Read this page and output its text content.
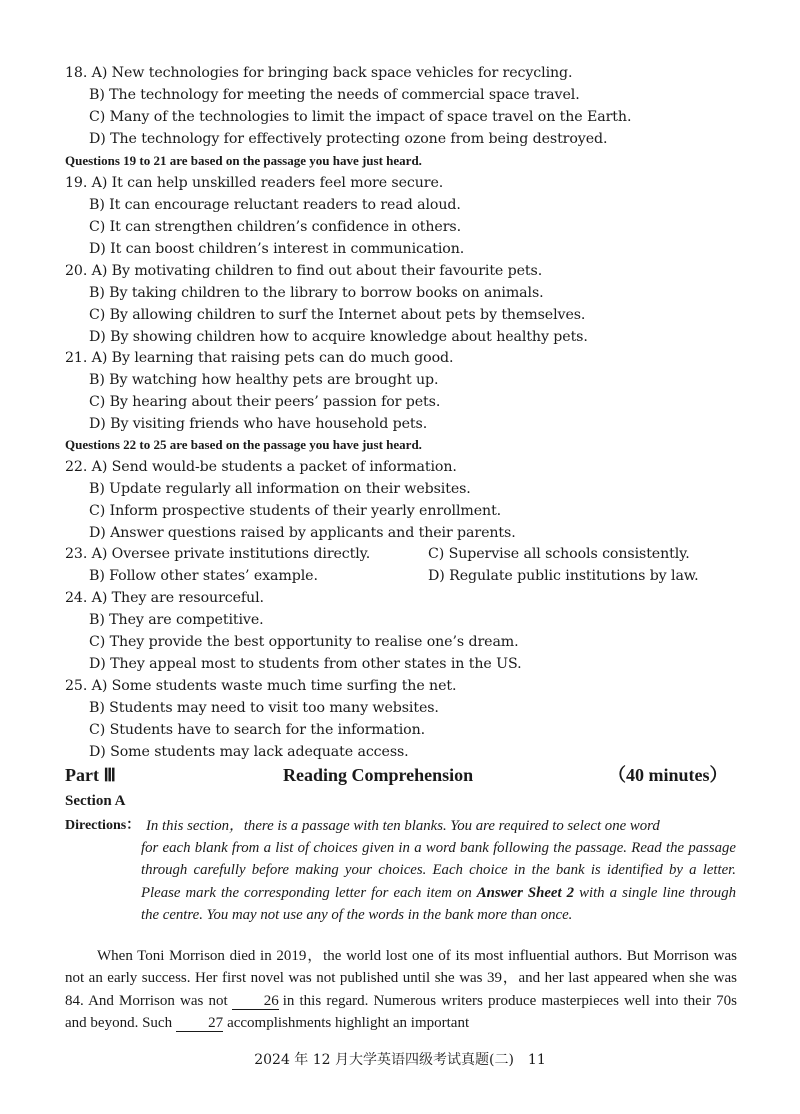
18. A) New technologies for bringing back space vehicles for recycling.
B) The technology for meeting the needs of commercial space travel.
C) Many of the technologies to limit the impact of space travel on the Earth.
D) The technology for effectively protecting ozone from being destroyed.
Questions 19 to 21 are based on the passage you have just heard.
19. A) It can help unskilled readers feel more secure.
B) It can encourage reluctant readers to read aloud.
C) It can strengthen children’s confidence in others.
D) It can boost children’s interest in communication.
20. A) By motivating children to find out about their favourite pets.
B) By taking children to the library to borrow books on animals.
C) By allowing children to surf the Internet about pets by themselves.
D) By showing children how to acquire knowledge about healthy pets.
21. A) By learning that raising pets can do much good.
B) By watching how healthy pets are brought up.
C) By hearing about their peers’ passion for pets.
D) By visiting friends who have household pets.
Questions 22 to 25 are based on the passage you have just heard.
22. A) Send would-be students a packet of information.
B) Update regularly all information on their websites.
C) Inform prospective students of their yearly enrollment.
D) Answer questions raised by applicants and their parents.
23. A) Oversee private institutions directly.	C) Supervise all schools consistently.
B) Follow other states’ example.	D) Regulate public institutions by law.
24. A) They are resourceful.
B) They are competitive.
C) They provide the best opportunity to realise one’s dream.
D) They appeal most to students from other states in the US.
25. A) Some students waste much time surfing the net.
B) Students may need to visit too many websites.
C) Students have to search for the information.
D) Some students may lack adequate access.
Part Ⅲ	Reading Comprehension	（40 minutes）
Section A
Directions： In this section，there is a passage with ten blanks. You are required to select one word
for each blank from a list of choices given in a word bank following the passage. Read the passage through carefully before making your choices. Each choice in the bank is identified by a letter. Please mark the corresponding letter for each item on Answer Sheet 2 with a single line through the centre. You may not use any of the words in the bank more than once.
When Toni Morrison died in 2019，the world lost one of its most influential authors. But Morrison was not an early success. Her first novel was not published until she was 39，and her last appeared when she was 84. And Morrison was not 26 in this regard. Numerous writers produce masterpieces well into their 70s and beyond. Such 27 accomplishments highlight an important
2024 年 12 月大学英语四级考试真题(二)　11
